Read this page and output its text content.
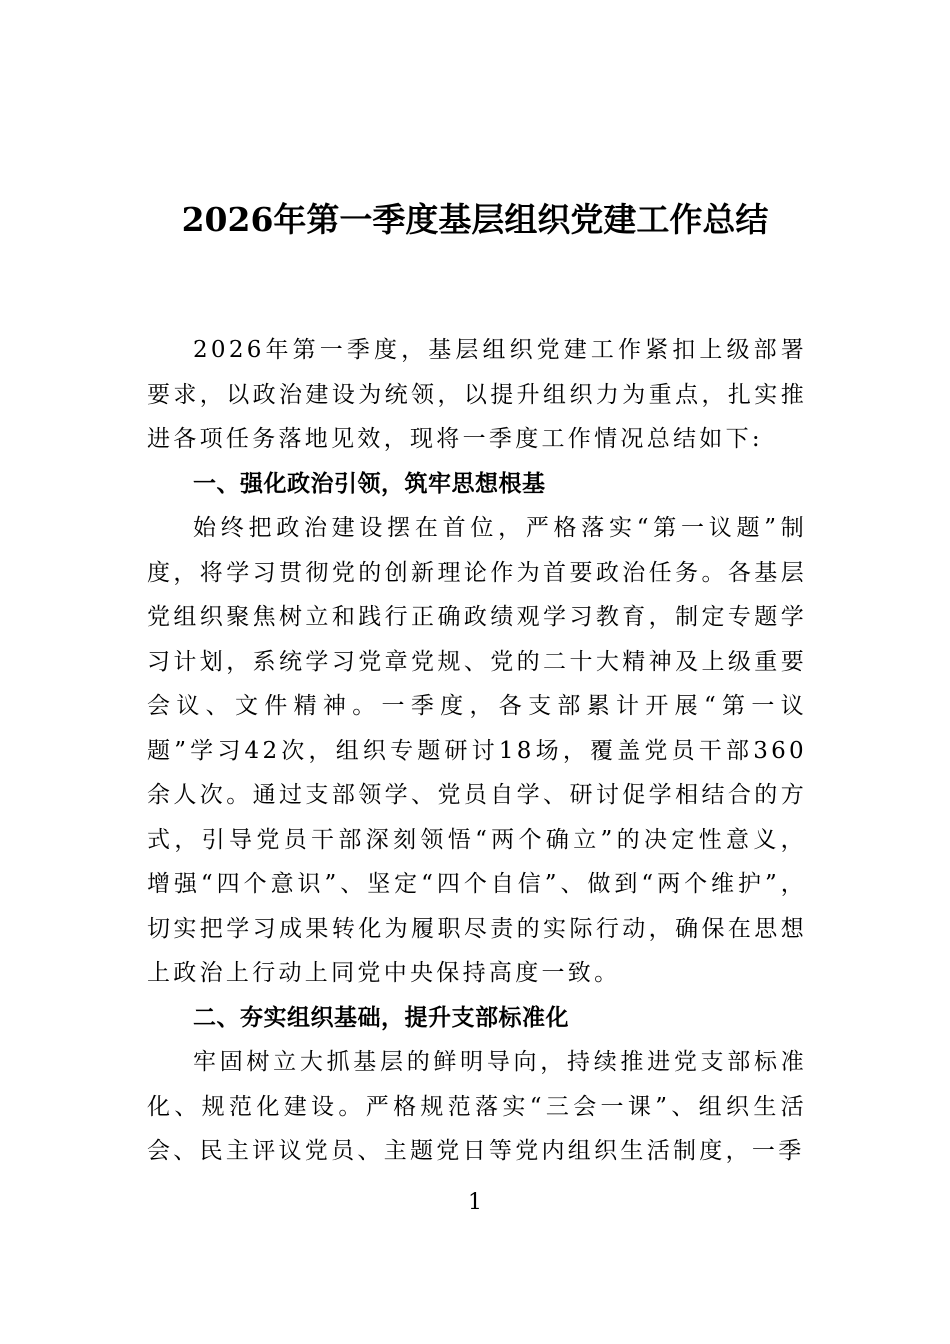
2026年第一季度基层组织党建工作总结

2026年第一季度，基层组织党建工作紧扣上级部署要求，以政治建设为统领，以提升组织力为重点，扎实推进各项任务落地见效，现将一季度工作情况总结如下:

一、强化政治引领，筑牢思想根基

始终把政治建设摆在首位，严格落实“第一议题”制度，将学习贯彻党的创新理论作为首要政治任务。各基层党组织聚焦树立和践行正确政绩观学习教育，制定专题学习计划，系统学习党章党规、党的二十大精神及上级重要会议、文件精神。一季度，各支部累计开展“第一议题”学习42次，组织专题研讨18场，覆盖党员干部360余人次。通过支部领学、党员自学、研讨促学相结合的方式，引导党员干部深刻领悟“两个确立”的决定性意义，增强“四个意识”、坚定“四个自信”、做到“两个维护”，切实把学习成果转化为履职尽责的实际行动，确保在思想上政治上行动上同党中央保持高度一致。

二、夯实组织基础，提升支部标准化

牢固树立大抓基层的鲜明导向，持续推进党支部标准化、规范化建设。严格规范落实“三会一课”、组织生活会、民主评议党员、主题党日等党内组织生活制度，一季

1
